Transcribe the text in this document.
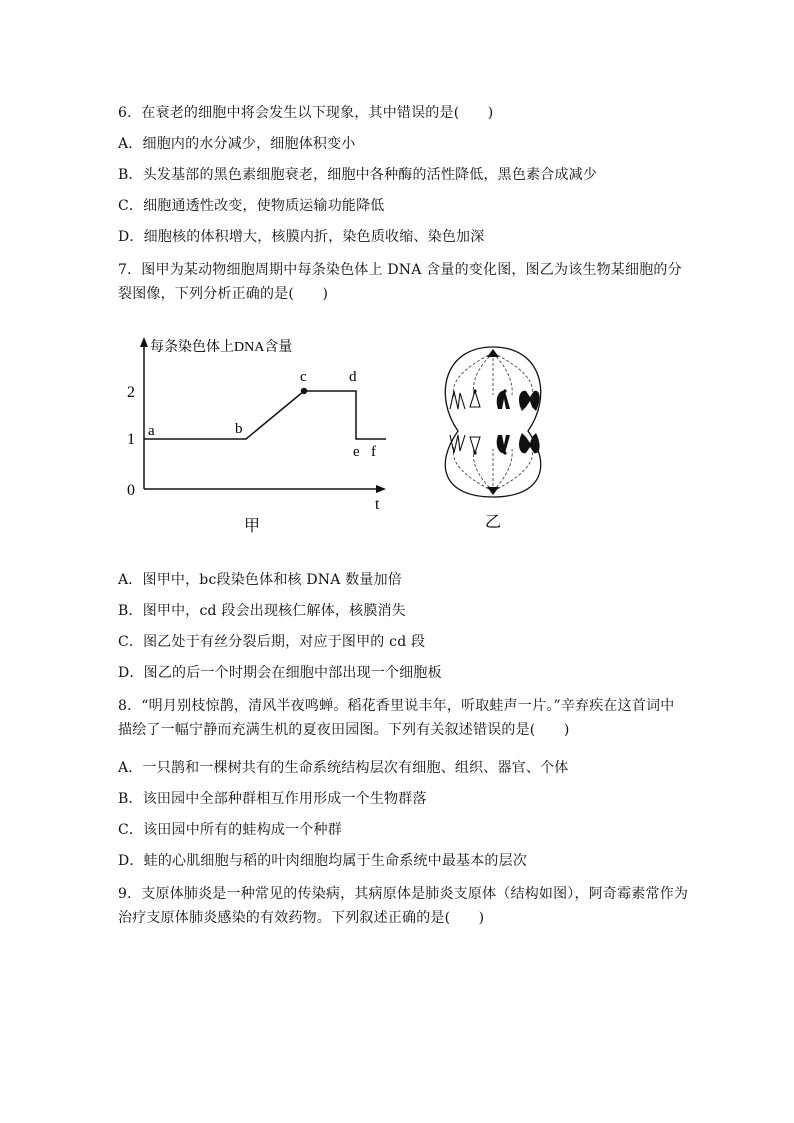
6．在衰老的细胞中将会发生以下现象，其中错误的是(　　)
A．细胞内的水分减少，细胞体积变小
B．头发基部的黑色素细胞衰老，细胞中各种酶的活性降低，黑色素合成减少
C．细胞通透性改变，使物质运输功能降低
D．细胞核的体积增大，核膜内折，染色质收缩、染色加深
7．图甲为某动物细胞周期中每条染色体上 DNA 含量的变化图，图乙为该生物某细胞的分
裂图像，下列分析正确的是(　　)
每条染色体上DNA含量
t
2
1
0
a	b
c	d
e f
甲	乙
A．图甲中，bc段染色体和核 DNA 数量加倍
B．图甲中，cd 段会出现核仁解体，核膜消失
C．图乙处于有丝分裂后期，对应于图甲的 cd 段
D．图乙的后一个时期会在细胞中部出现一个细胞板
8．“明月别枝惊鹊，清风半夜鸣蝉。稻花香里说丰年，听取蛙声一片。”辛弃疾在这首词中
描绘了一幅宁静而充满生机的夏夜田园图。下列有关叙述错误的是(　　)
A．一只鹊和一棵树共有的生命系统结构层次有细胞、组织、器官、个体
B．该田园中全部种群相互作用形成一个生物群落
C．该田园中所有的蛙构成一个种群
D．蛙的心肌细胞与稻的叶肉细胞均属于生命系统中最基本的层次
9．支原体肺炎是一种常见的传染病，其病原体是肺炎支原体（结构如图），阿奇霉素常作为
治疗支原体肺炎感染的有效药物。下列叙述正确的是(　　)
